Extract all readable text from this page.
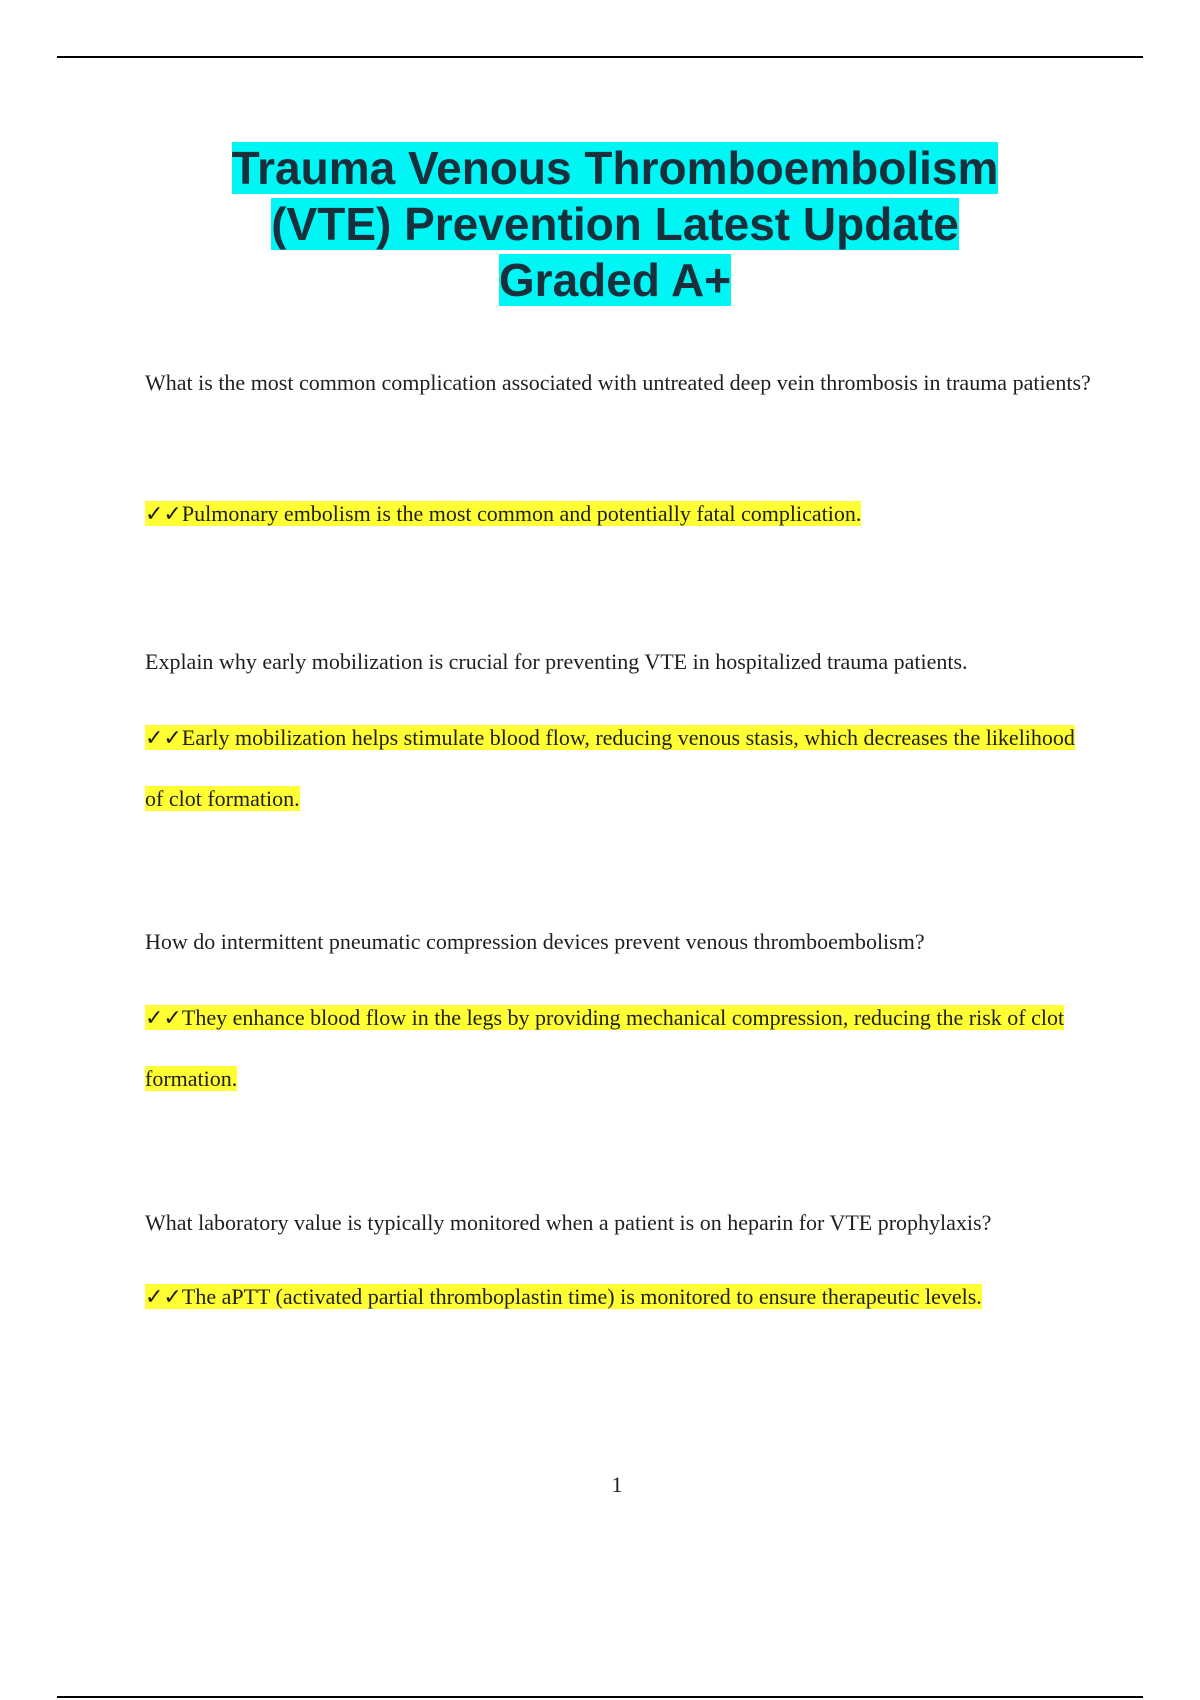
Trauma Venous Thromboembolism
(VTE) Prevention Latest Update
Graded A+

What is the most common complication associated with untreated deep vein thrombosis in trauma patients?

✓✓Pulmonary embolism is the most common and potentially fatal complication.

Explain why early mobilization is crucial for preventing VTE in hospitalized trauma patients.

✓✓Early mobilization helps stimulate blood flow, reducing venous stasis, which decreases the likelihood of clot formation.

How do intermittent pneumatic compression devices prevent venous thromboembolism?

✓✓They enhance blood flow in the legs by providing mechanical compression, reducing the risk of clot formation.

What laboratory value is typically monitored when a patient is on heparin for VTE prophylaxis?

✓✓The aPTT (activated partial thromboplastin time) is monitored to ensure therapeutic levels.

1
